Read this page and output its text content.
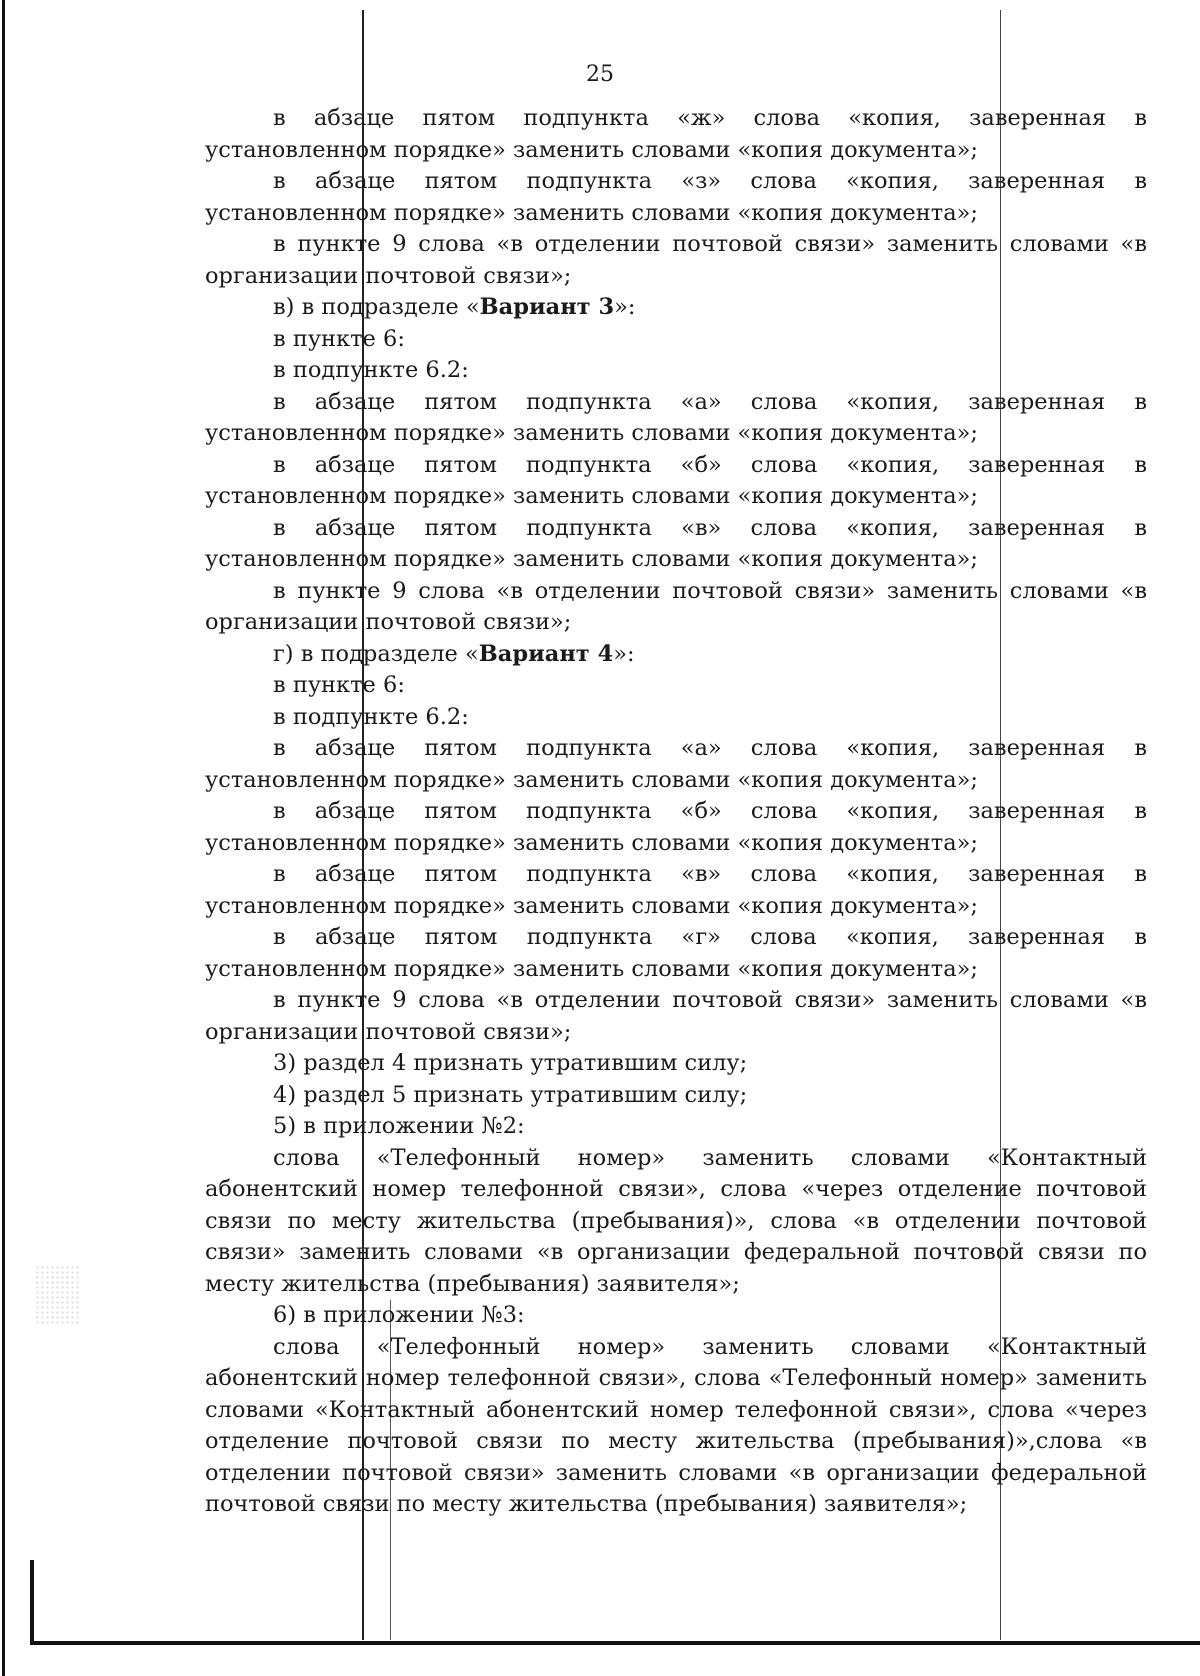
25

в абзаце пятом подпункта «ж» слова «копия, заверенная в установленном порядке» заменить словами «копия документа»;

в абзаце пятом подпункта «з» слова «копия, заверенная в установленном порядке» заменить словами «копия документа»;

в пункте 9 слова «в отделении почтовой связи» заменить словами «в организации почтовой связи»;

в) в подразделе «Вариант 3»:

в пункте 6:

в подпункте 6.2:

в абзаце пятом подпункта «а» слова «копия, заверенная в установленном порядке» заменить словами «копия документа»;

в абзаце пятом подпункта «б» слова «копия, заверенная в установленном порядке» заменить словами «копия документа»;

в абзаце пятом подпункта «в» слова «копия, заверенная в установленном порядке» заменить словами «копия документа»;

в пункте 9 слова «в отделении почтовой связи» заменить словами «в организации почтовой связи»;

г) в подразделе «Вариант 4»:

в пункте 6:

в подпункте 6.2:

в абзаце пятом подпункта «а» слова «копия, заверенная в установленном порядке» заменить словами «копия документа»;

в абзаце пятом подпункта «б» слова «копия, заверенная в установленном порядке» заменить словами «копия документа»;

в абзаце пятом подпункта «в» слова «копия, заверенная в установленном порядке» заменить словами «копия документа»;

в абзаце пятом подпункта «г» слова «копия, заверенная в установленном порядке» заменить словами «копия документа»;

в пункте 9 слова «в отделении почтовой связи» заменить словами «в организации почтовой связи»;

3) раздел 4 признать утратившим силу;

4) раздел 5 признать утратившим силу;

5) в приложении №2:

слова «Телефонный номер» заменить словами «Контактный абонентский номер телефонной связи», слова «через отделение почтовой связи по месту жительства (пребывания)», слова «в отделении почтовой связи» заменить словами «в организации федеральной почтовой связи по месту жительства (пребывания) заявителя»;

6) в приложении №3:

слова «Телефонный номер» заменить словами «Контактный абонентский номер телефонной связи», слова «Телефонный номер» заменить словами «Контактный абонентский номер телефонной связи», слова «через отделение почтовой связи по месту жительства (пребывания)»,слова «в отделении почтовой связи» заменить словами «в организации федеральной почтовой связи по месту жительства (пребывания) заявителя»;
